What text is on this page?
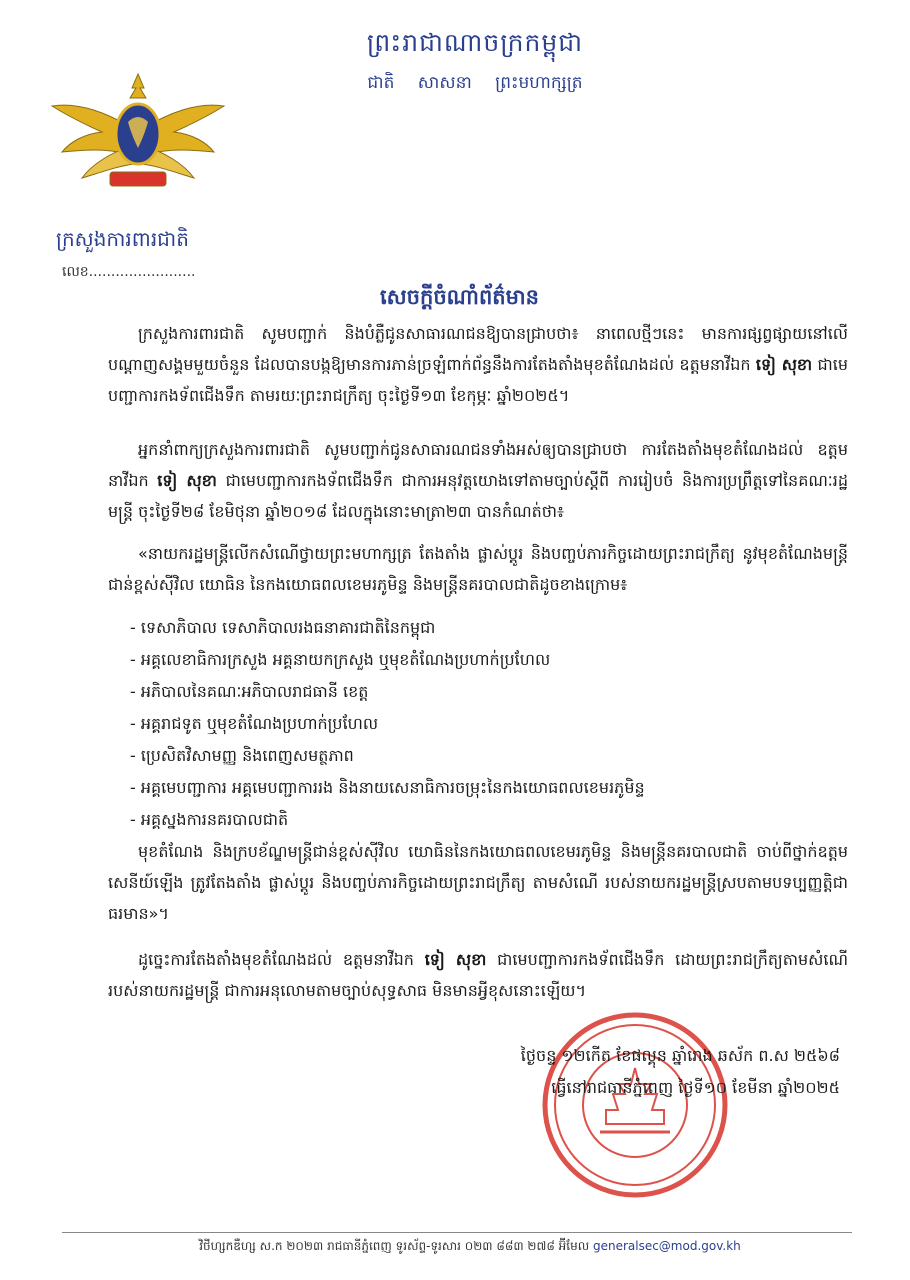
ព្រះរាជាណាចក្រកម្ពុជា
ជាតិ សាសនា ព្រះមហាក្សត្រ
ក្រសួងការពារជាតិ
លេខ........................
សេចក្តីចំណាំព័ត៌មាន

ក្រសួងការពារជាតិ សូមបញ្ជាក់ និងបំភ្លឺជូនសាធារណជនឱ្យបានជ្រាបថា៖ នាពេលថ្មីៗនេះ មានការផ្សព្វផ្សាយនៅលើបណ្តាញសង្គមមួយចំនួន ដែលបានបង្កឱ្យមានការភាន់ច្រឡំពាក់ព័ន្ធនឹងការតែងតាំងមុខតំណែងដល់ ឧត្តមនាវីឯក ទៀ សុខា ជាមេបញ្ជាការកងទ័ពជើងទឹក តាមរយៈព្រះរាជក្រឹត្យ ចុះថ្ងៃទី១៣ ខែកុម្ភៈ ឆ្នាំ២០២៥។

អ្នកនាំពាក្យក្រសួងការពារជាតិ សូមបញ្ជាក់ជូនសាធារណជនទាំងអស់ឲ្យបានជ្រាបថា ការតែងតាំងមុខតំណែងដល់ ឧត្តមនាវីឯក ទៀ សុខា ជាមេបញ្ជាការកងទ័ពជើងទឹក ជាការអនុវត្តយោងទៅតាមច្បាប់ស្តីពី ការរៀបចំ និងការប្រព្រឹត្តទៅនៃគណៈរដ្ឋមន្ត្រី ចុះថ្ងៃទី២៨ ខែមិថុនា ឆ្នាំ២០១៨ ដែលក្នុងនោះមាត្រា២៣ បានកំណត់ថា៖

«នាយករដ្ឋមន្ត្រីលើកសំណើថ្វាយព្រះមហាក្សត្រ តែងតាំង ផ្លាស់ប្តូរ និងបញ្ចប់ភារកិច្ចដោយព្រះរាជក្រឹត្យ នូវមុខតំណែងមន្ត្រីជាន់ខ្ពស់ស៊ីវិល យោធិន នៃកងយោធពលខេមរភូមិន្ទ និងមន្ត្រីនគរបាលជាតិដូចខាងក្រោម៖

- ទេសាភិបាល ទេសាភិបាលរងធនាគារជាតិនៃកម្ពុជា
- អគ្គលេខាធិការក្រសួង អគ្គនាយកក្រសួង ឬមុខតំណែងប្រហាក់ប្រហែល
- អភិបាលនៃគណៈអភិបាលរាជធានី ខេត្ត
- អគ្គរាជទូត ឬមុខតំណែងប្រហាក់ប្រហែល
- ប្រេសិតវិសាមញ្ញ និងពេញសមត្ថភាព
- អគ្គមេបញ្ជាការ អគ្គមេបញ្ជាការរង និងនាយសេនាធិការចម្រុះនៃកងយោធពលខេមរភូមិន្ទ
- អគ្គស្នងការនគរបាលជាតិ

មុខតំណែង និងក្របខ័ណ្ឌមន្ត្រីជាន់ខ្ពស់ស៊ីវិល យោធិននៃកងយោធពលខេមរភូមិន្ទ និងមន្ត្រីនគរបាលជាតិ ចាប់ពីថ្នាក់ឧត្តមសេនីយ៍ឡើង ត្រូវតែងតាំង ផ្លាស់ប្តូរ និងបញ្ចប់ភារកិច្ចដោយព្រះរាជក្រឹត្យ តាមសំណើ របស់នាយករដ្ឋមន្ត្រីស្របតាមបទប្បញ្ញត្តិជាធរមាន»។

ដូច្នេះការតែងតាំងមុខតំណែងដល់ ឧត្តមនាវីឯក ទៀ សុខា ជាមេបញ្ជាការកងទ័ពជើងទឹក ដោយព្រះរាជក្រឹត្យតាមសំណើរបស់នាយករដ្ឋមន្ត្រី ជាការអនុលោមតាមច្បាប់សុទ្ធសាធ មិនមានអ្វីខុសនោះឡើយ។

ថ្ងៃចន្ទ ១២កើត ខែផល្គុន ឆ្នាំរោង ឆស័ក ព.ស ២៥៦៨
ធ្វើនៅរាជធានីភ្នំពេញ ថ្ងៃទី១០ ខែមីនា ឆ្នាំ២០២៥
វិថីហ្សកឌឺហ្ស ស.ក ២០២៣ រាជធានីភ្នំពេញ ទូរស័ព្ទ-ទូរសារ ០២៣ ៨៨៣ ២៧៨ អ៊ីមែល generalsec@mod.gov.kh
